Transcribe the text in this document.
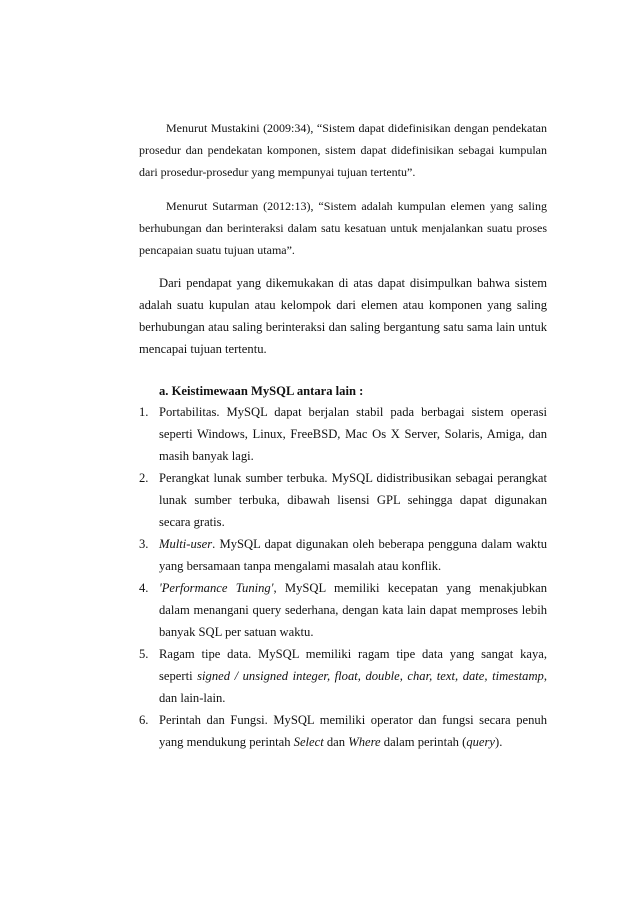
Menurut Mustakini (2009:34), “Sistem dapat didefinisikan dengan pendekatan prosedur dan pendekatan komponen, sistem dapat didefinisikan sebagai kumpulan dari prosedur-prosedur yang mempunyai tujuan tertentu”.

Menurut Sutarman (2012:13), “Sistem adalah kumpulan elemen yang saling berhubungan dan berinteraksi dalam satu kesatuan untuk menjalankan suatu proses pencapaian suatu tujuan utama”.

Dari pendapat yang dikemukakan di atas dapat disimpulkan bahwa sistem adalah suatu kupulan atau kelompok dari elemen atau komponen yang saling berhubungan atau saling berinteraksi dan saling bergantung satu sama lain untuk mencapai tujuan tertentu.

a. Keistimewaan MySQL antara lain :

1. Portabilitas. MySQL dapat berjalan stabil pada berbagai sistem operasi seperti Windows, Linux, FreeBSD, Mac Os X Server, Solaris, Amiga, dan masih banyak lagi.
2. Perangkat lunak sumber terbuka. MySQL didistribusikan sebagai perangkat lunak sumber terbuka, dibawah lisensi GPL sehingga dapat digunakan secara gratis.
3. Multi-user. MySQL dapat digunakan oleh beberapa pengguna dalam waktu yang bersamaan tanpa mengalami masalah atau konflik.
4. 'Performance Tuning', MySQL memiliki kecepatan yang menakjubkan dalam menangani query sederhana, dengan kata lain dapat memproses lebih banyak SQL per satuan waktu.
5. Ragam tipe data. MySQL memiliki ragam tipe data yang sangat kaya, seperti signed / unsigned integer, float, double, char, text, date, timestamp, dan lain-lain.
6. Perintah dan Fungsi. MySQL memiliki operator dan fungsi secara penuh yang mendukung perintah Select dan Where dalam perintah (query).
